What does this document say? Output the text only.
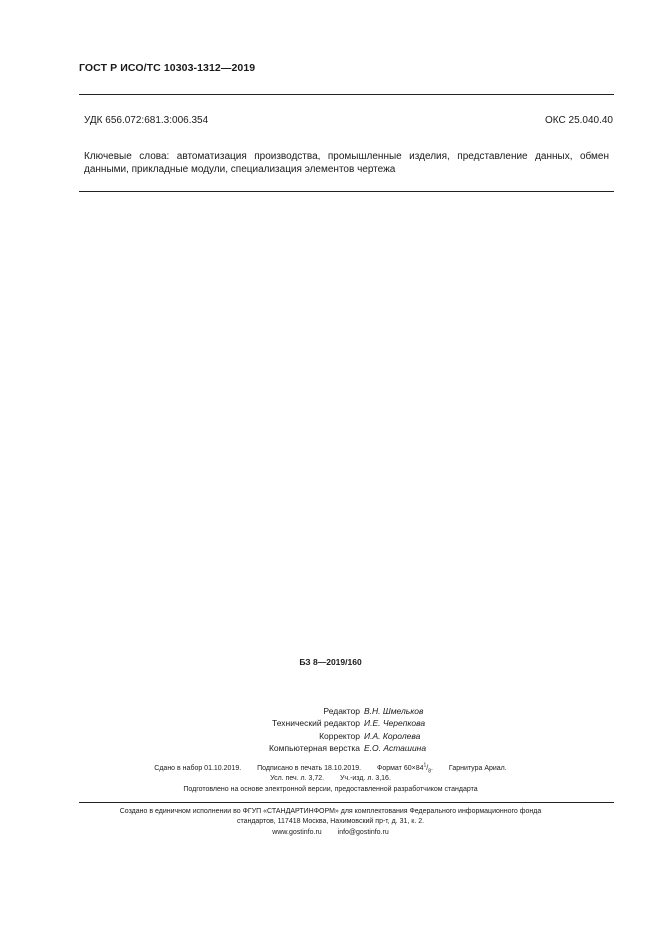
ГОСТ Р ИСО/ТС 10303-1312—2019
УДК 656.072:681.3:006.354	ОКС 25.040.40
Ключевые слова: автоматизация производства, промышленные изделия, представление данных, обмен данными, прикладные модули, специализация элементов чертежа
БЗ 8—2019/160
Редактор В.Н. Шмельков
Технический редактор И.Е. Черепкова
Корректор И.А. Королева
Компьютерная верстка Е.О. Асташина
Сдано в набор 01.10.2019. Подписано в печать 18.10.2019. Формат $60\times 84^1/_8$. Гарнитура Ариал.
Усл. печ. л. 3,72. Уч.-изд. л. 3,16.
Подготовлено на основе электронной версии, предоставленной разработчиком стандарта
Создано в единичном исполнении во ФГУП «СТАНДАРТИНФОРМ» для комплектования Федерального информационного фонда
стандартов, 117418 Москва, Нахимовский пр-т, д. 31, к. 2.
www.gostinfo.ru info@gostinfo.ru
